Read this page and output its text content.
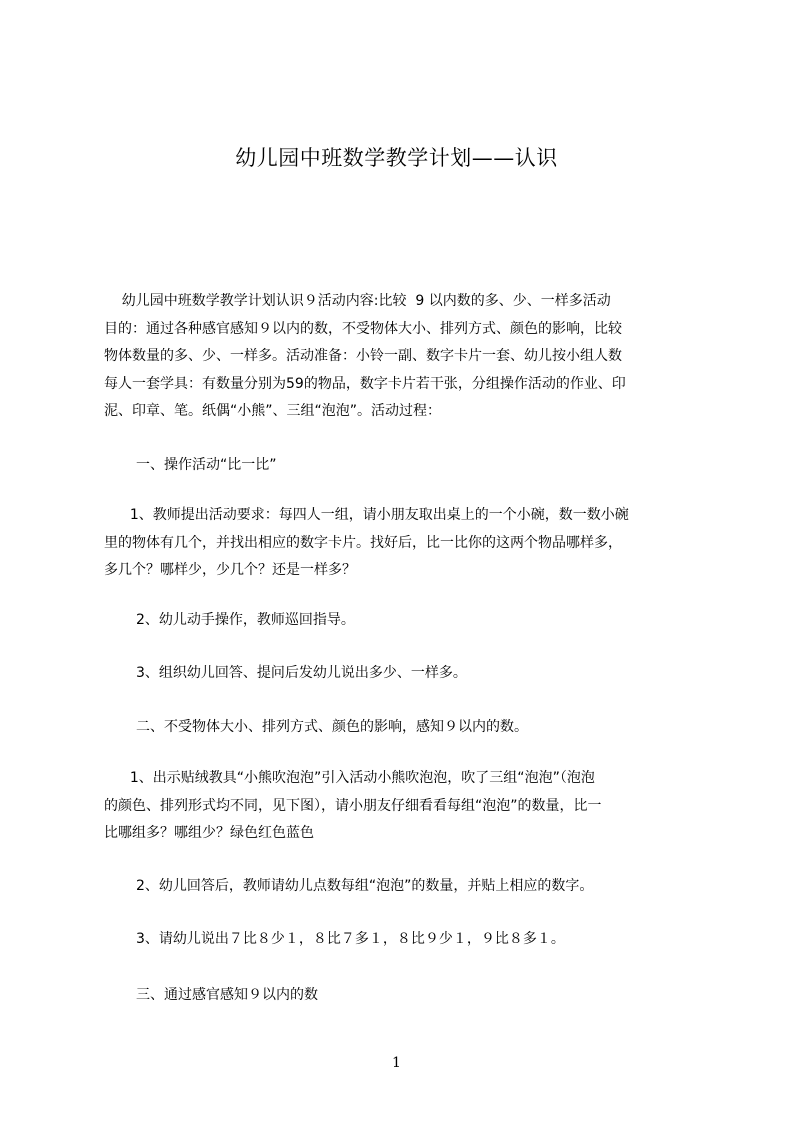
幼儿园中班数学教学计划——认识
幼儿园中班数学教学计划认识９活动内容:比较  9 以内数的多、少、一样多活动
目的：通过各种感官感知９以内的数，不受物体大小、排列方式、颜色的影响，比较
物体数量的多、少、一样多。活动准备：小铃一副、数字卡片一套、幼儿按小组人数
每人一套学具：有数量分别为59的物品，数字卡片若干张，分组操作活动的作业、印
泥、印章、笔。纸偶“小熊”、三组“泡泡”。活动过程：
一、操作活动“比一比”
1、教师提出活动要求：每四人一组，请小朋友取出桌上的一个小碗，数一数小碗
里的物体有几个，并找出相应的数字卡片。找好后，比一比你的这两个物品哪样多，
多几个？哪样少，少几个？还是一样多？
2、幼儿动手操作，教师巡回指导。
3、组织幼儿回答、提问后发幼儿说出多少、一样多。
二、不受物体大小、排列方式、颜色的影响，感知９以内的数。
1、出示贴绒教具“小熊吹泡泡”引入活动小熊吹泡泡，吹了三组“泡泡”（泡泡
的颜色、排列形式均不同，见下图），请小朋友仔细看看每组“泡泡”的数量，比一
比哪组多？哪组少？绿色红色蓝色
2、幼儿回答后，教师请幼儿点数每组“泡泡”的数量，并贴上相应的数字。
3、请幼儿说出７比８少１，８比７多１，８比９少１，９比８多１。
三、通过感官感知９以内的数
1
